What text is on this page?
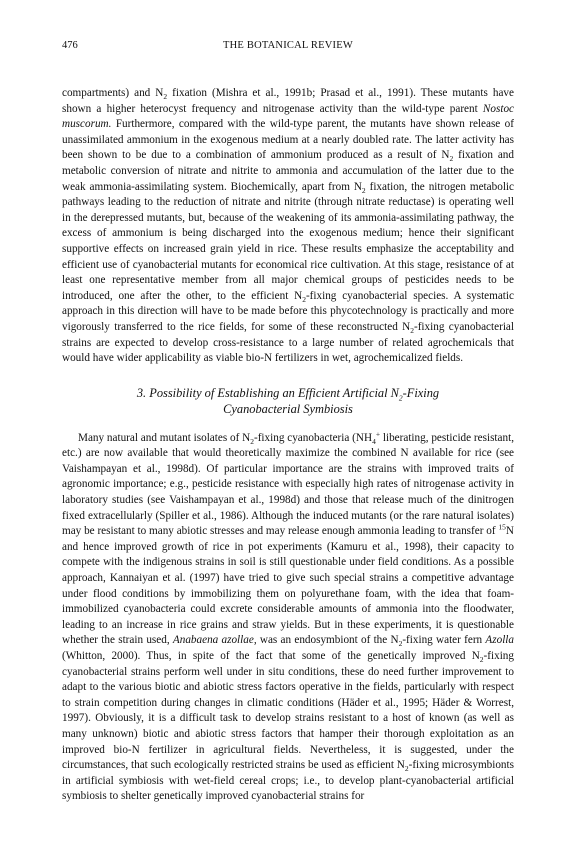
476	THE BOTANICAL REVIEW

compartments) and $N_2$ fixation (Mishra et al., 1991b; Prasad et al., 1991). These mutants have shown a higher heterocyst frequency and nitrogenase activity than the wild-type parent Nostoc muscorum. Furthermore, compared with the wild-type parent, the mutants have shown release of unassimilated ammonium in the exogenous medium at a nearly doubled rate. The latter activity has been shown to be due to a combination of ammonium produced as a result of $N_2$ fixation and metabolic conversion of nitrate and nitrite to ammonia and accumulation of the latter due to the weak ammonia-assimilating system. Biochemically, apart from $N_2$ fixation, the nitrogen metabolic pathways leading to the reduction of nitrate and nitrite (through nitrate reductase) is operating well in the derepressed mutants, but, because of the weakening of its ammonia-assimilating pathway, the excess of ammonium is being discharged into the exogenous medium; hence their significant supportive effects on increased grain yield in rice. These results emphasize the acceptability and efficient use of cyanobacterial mutants for economical rice cultivation. At this stage, resistance of at least one representative member from all major chemical groups of pesticides needs to be introduced, one after the other, to the efficient $N_2$-fixing cyanobacterial species. A systematic approach in this direction will have to be made before this phycotechnology is practically and more vigorously transferred to the rice fields, for some of these reconstructed $N_2$-fixing cyanobacterial strains are expected to develop cross-resistance to a large number of related agrochemicals that would have wider applicability as viable bio-N fertilizers in wet, agrochemicalized fields.

3. Possibility of Establishing an Efficient Artificial $N_2$-Fixing
Cyanobacterial Symbiosis

Many natural and mutant isolates of $N_2$-fixing cyanobacteria ($NH_4^+$ liberating, pesticide resistant, etc.) are now available that would theoretically maximize the combined N available for rice (see Vaishampayan et al., 1998d). Of particular importance are the strains with improved traits of agronomic importance; e.g., pesticide resistance with especially high rates of nitrogenase activity in laboratory studies (see Vaishampayan et al., 1998d) and those that release much of the dinitrogen fixed extracellularly (Spiller et al., 1986). Although the induced mutants (or the rare natural isolates) may be resistant to many abiotic stresses and may release enough ammonia leading to transfer of $^{15}$N and hence improved growth of rice in pot experiments (Kamuru et al., 1998), their capacity to compete with the indigenous strains in soil is still questionable under field conditions. As a possible approach, Kannaiyan et al. (1997) have tried to give such special strains a competitive advantage under flood conditions by immobilizing them on polyurethane foam, with the idea that foam-immobilized cyanobacteria could excrete considerable amounts of ammonia into the floodwater, leading to an increase in rice grains and straw yields. But in these experiments, it is questionable whether the strain used, Anabaena azollae, was an endosymbiont of the $N_2$-fixing water fern Azolla (Whitton, 2000). Thus, in spite of the fact that some of the genetically improved $N_2$-fixing cyanobacterial strains perform well under in situ conditions, these do need further improvement to adapt to the various biotic and abiotic stress factors operative in the fields, particularly with respect to strain competition during changes in climatic conditions (Häder et al., 1995; Häder & Worrest, 1997). Obviously, it is a difficult task to develop strains resistant to a host of known (as well as many unknown) biotic and abiotic stress factors that hamper their thorough exploitation as an improved bio-N fertilizer in agricultural fields. Nevertheless, it is suggested, under the circumstances, that such ecologically restricted strains be used as efficient $N_2$-fixing microsymbionts in artificial symbiosis with wet-field cereal crops; i.e., to develop plant-cyanobacterial artificial symbiosis to shelter genetically improved cyanobacterial strains for
